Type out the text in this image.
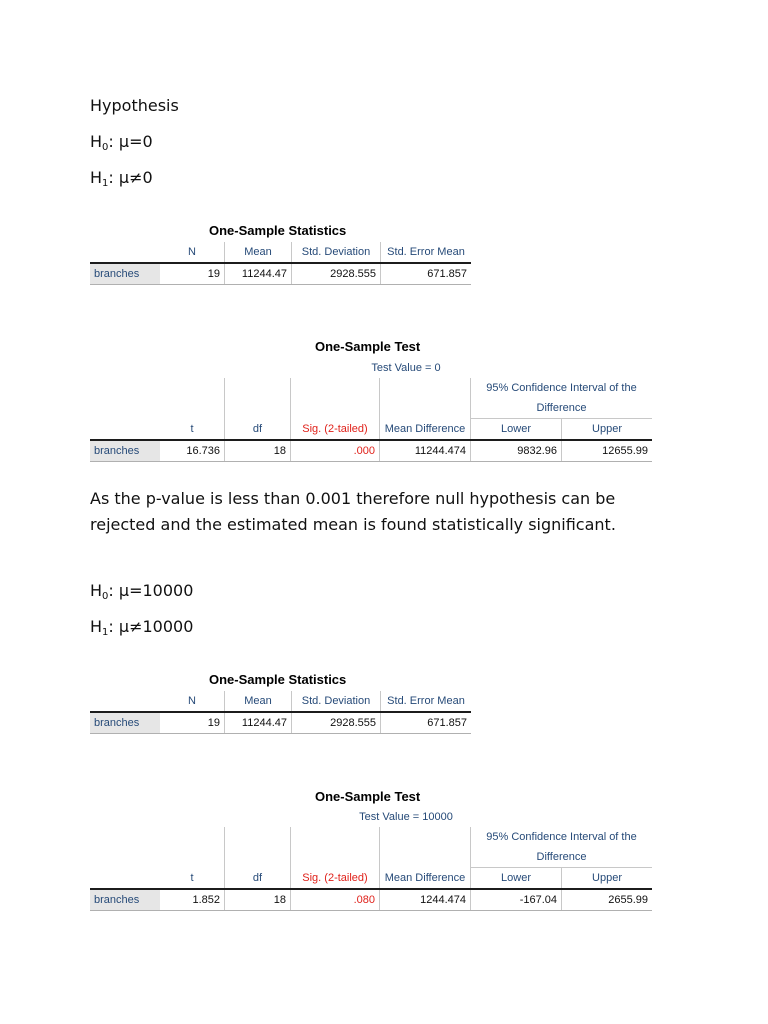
Hypothesis
$H_0$: μ=0
$H_1$: μ≠0
One-Sample Statistics
	N	Mean	Std. Deviation	Std. Error Mean
branches	19	11244.47	2928.555	671.857
One-Sample Test
	Test Value = 0					
					95% Confidence Interval of the	
					Difference	
	t	df	Sig. (2-tailed)	Mean Difference	Lower	Upper
branches	16.736	18	.000	11244.474	9832.96	12655.99
As the p-value is less than 0.001 therefore null hypothesis can be rejected and the estimated mean is found statistically significant.
$H_0$: μ=10000
$H_1$: μ≠10000
One-Sample Statistics
	N	Mean	Std. Deviation	Std. Error Mean
branches	19	11244.47	2928.555	671.857
One-Sample Test
	Test Value = 10000					
					95% Confidence Interval of the	
					Difference	
	t	df	Sig. (2-tailed)	Mean Difference	Lower	Upper
branches	1.852	18	.080	1244.474	-167.04	2655.99
